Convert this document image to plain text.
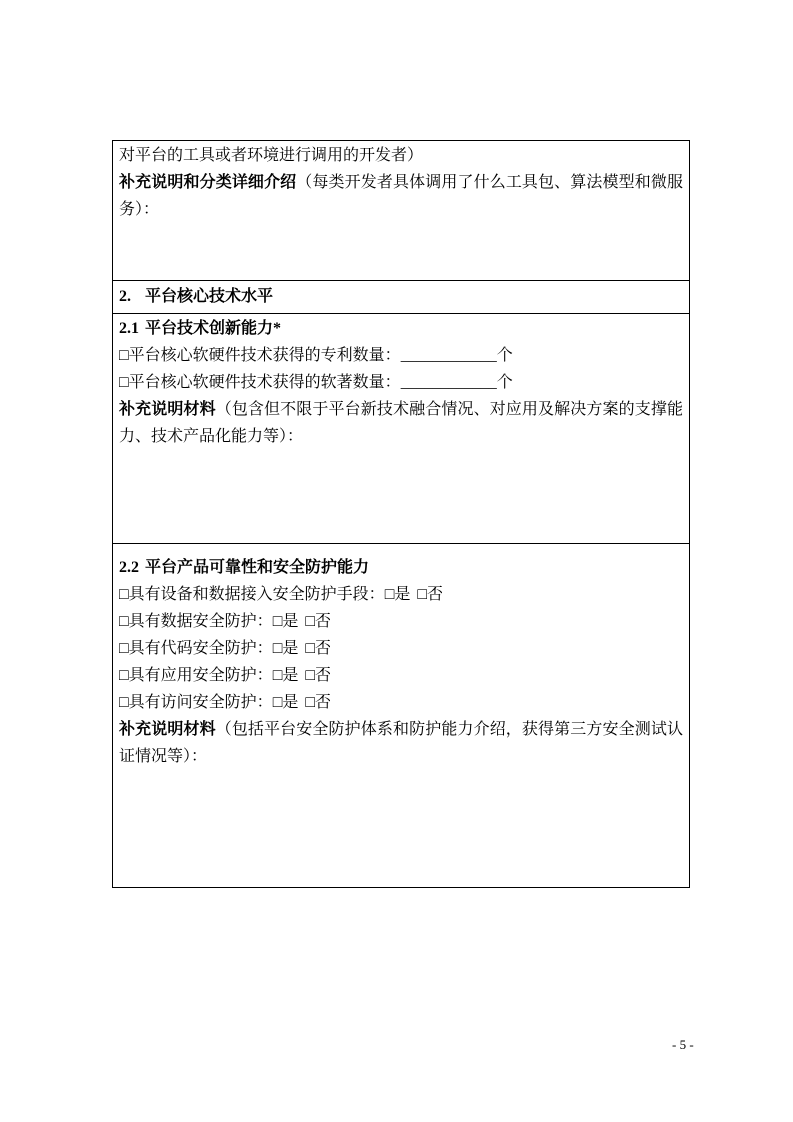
对平台的工具或者环境进行调用的开发者）

补充说明和分类详细介绍（每类开发者具体调用了什么工具包、算法模型和微服务）：

2. 平台核心技术水平

2.1 平台技术创新能力*

□平台核心软硬件技术获得的专利数量：____________个

□平台核心软硬件技术获得的软著数量：____________个

补充说明材料（包含但不限于平台新技术融合情况、对应用及解决方案的支撑能力、技术产品化能力等）：

2.2 平台产品可靠性和安全防护能力

□具有设备和数据接入安全防护手段：□是 □否

□具有数据安全防护：□是 □否

□具有代码安全防护：□是 □否

□具有应用安全防护：□是 □否

□具有访问安全防护：□是 □否

补充说明材料（包括平台安全防护体系和防护能力介绍，获得第三方安全测试认证情况等）：

- 5 -
